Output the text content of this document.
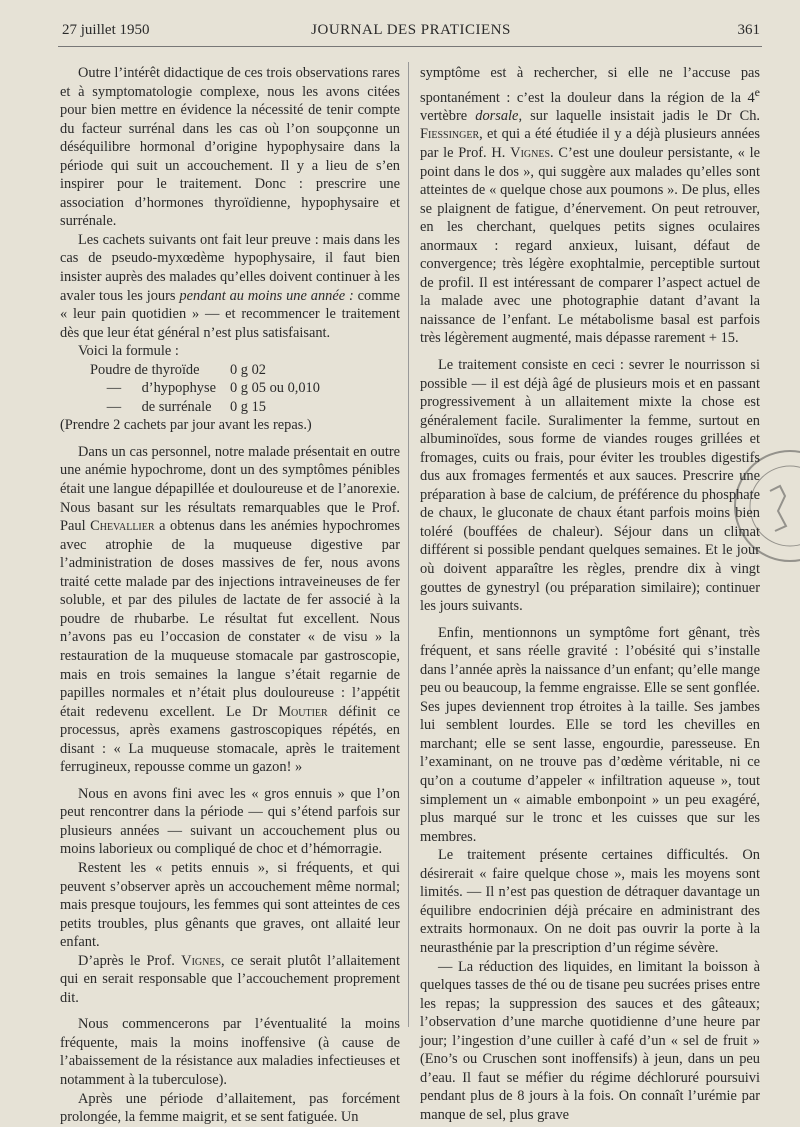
27 juillet 1950	JOURNAL DES PRATICIENS	361

Outre l’intérêt didactique de ces trois observations rares et à symptomatologie complexe, nous les avons citées pour bien mettre en évidence la nécessité de tenir compte du facteur surrénal dans les cas où l’on soupçonne un déséquilibre hormonal d’origine hypophysaire dans la période qui suit un accouchement. Il y a lieu de s’en inspirer pour le traitement. Donc : prescrire une association d’hormones thyroïdienne, hypophysaire et surrénale.

Les cachets suivants ont fait leur preuve : mais dans les cas de pseudo-myxœdème hypophysaire, il faut bien insister auprès des malades qu’elles doivent continuer à les avaler tous les jours pendant au moins une année : comme « leur pain quotidien » — et recommencer le traitement dès que leur état général n’est plus satisfaisant.

Voici la formule :

Poudre de thyroïde	0 g 02
— d’hypophyse 0 g 05 ou 0,010
— de surrénale	0 g 15

(Prendre 2 cachets par jour avant les repas.)

Dans un cas personnel, notre malade présentait en outre une anémie hypochrome, dont un des symptômes pénibles était une langue dépapillée et douloureuse et de l’anorexie. Nous basant sur les résultats remarquables que le Prof. Paul Chevallier a obtenus dans les anémies hypochromes avec atrophie de la muqueuse digestive par l’administration de doses massives de fer, nous avons traité cette malade par des injections intraveineuses de fer soluble, et par des pilules de lactate de fer associé à la poudre de rhubarbe. Le résultat fut excellent. Nous n’avons pas eu l’occasion de constater « de visu » la restauration de la muqueuse stomacale par gastroscopie, mais en trois semaines la langue s’était regarnie de papilles normales et n’était plus douloureuse : l’appétit était redevenu excellent. Le Dr Moutier définit ce processus, après examens gastroscopiques répétés, en disant : « La muqueuse stomacale, après le traitement ferrugineux, repousse comme un gazon! »

Nous en avons fini avec les « gros ennuis » que l’on peut rencontrer dans la période — qui s’étend parfois sur plusieurs années — suivant un accouchement plus ou moins laborieux ou compliqué de choc et d’hémorragie.

Restent les « petits ennuis », si fréquents, et qui peuvent s’observer après un accouchement même normal; mais presque toujours, les femmes qui sont atteintes de ces petits troubles, plus gênants que graves, ont allaité leur enfant.

D’après le Prof. Vignes, ce serait plutôt l’allaitement qui en serait responsable que l’accouchement proprement dit.

Nous commencerons par l’éventualité la moins fréquente, mais la moins inoffensive (à cause de l’abaissement de la résistance aux maladies infectieuses et notamment à la tuberculose).

Après une période d’allaitement, pas forcément prolongée, la femme maigrit, et se sent fatiguée. Un

symptôme est à rechercher, si elle ne l’accuse pas spontanément : c’est la douleur dans la région de la 4e vertèbre dorsale, sur laquelle insistait jadis le Dr Ch. Fiessinger, et qui a été étudiée il y a déjà plusieurs années par le Prof. H. Vignes. C’est une douleur persistante, « le point dans le dos », qui suggère aux malades qu’elles sont atteintes de « quelque chose aux poumons ». De plus, elles se plaignent de fatigue, d’énervement. On peut retrouver, en les cherchant, quelques petits signes oculaires anormaux : regard anxieux, luisant, défaut de convergence; très légère exophtalmie, perceptible surtout de profil. Il est intéressant de comparer l’aspect actuel de la malade avec une photographie datant d’avant la naissance de l’enfant. Le métabolisme basal est parfois très légèrement augmenté, mais dépasse rarement + 15.

Le traitement consiste en ceci : sevrer le nourrisson si possible — il est déjà âgé de plusieurs mois et en passant progressivement à un allaitement mixte la chose est généralement facile. Suralimenter la femme, surtout en albuminoïdes, sous forme de viandes rouges grillées et fromages, cuits ou frais, pour éviter les troubles digestifs dus aux fromages fermentés et aux sauces. Prescrire une préparation à base de calcium, de préférence du phosphate de chaux, le gluconate de chaux étant parfois moins bien toléré (bouffées de chaleur). Séjour dans un climat différent si possible pendant quelques semaines. Et le jour où doivent apparaître les règles, prendre dix à vingt gouttes de gynestryl (ou préparation similaire); continuer les jours suivants.

Enfin, mentionnons un symptôme fort gênant, très fréquent, et sans réelle gravité : l’obésité qui s’installe dans l’année après la naissance d’un enfant; qu’elle mange peu ou beaucoup, la femme engraisse. Elle se sent gonflée. Ses jupes deviennent trop étroites à la taille. Ses jambes lui semblent lourdes. Elle se tord les chevilles en marchant; elle se sent lasse, engourdie, paresseuse. En l’examinant, on ne trouve pas d’œdème véritable, ni ce qu’on a coutume d’appeler « infiltration aqueuse », tout simplement un « aimable embonpoint » un peu exagéré, plus marqué sur le tronc et les cuisses que sur les membres.

Le traitement présente certaines difficultés. On désirerait « faire quelque chose », mais les moyens sont limités. — Il n’est pas question de détraquer davantage un équilibre endocrinien déjà précaire en administrant des extraits hormonaux. On ne doit pas ouvrir la porte à la neurasthénie par la prescription d’un régime sévère.

— La réduction des liquides, en limitant la boisson à quelques tasses de thé ou de tisane peu sucrées prises entre les repas; la suppression des sauces et des gâteaux; l’observation d’une marche quotidienne d’une heure par jour; l’ingestion d’une cuiller à café d’un « sel de fruit » (Eno’s ou Cruschen sont inoffensifs) à jeun, dans un peu d’eau. Il faut se méfier du régime déchloruré poursuivi pendant plus de 8 jours à la fois. On connaît l’urémie par manque de sel, plus grave
